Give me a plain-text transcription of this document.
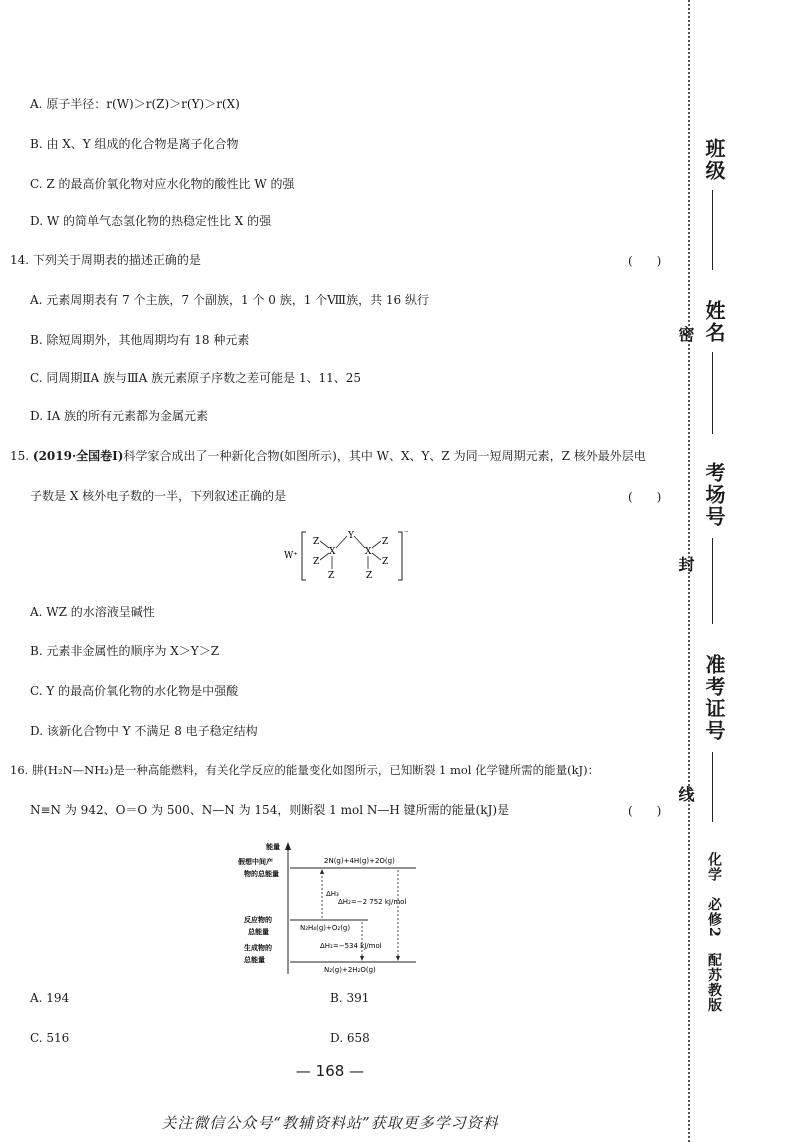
A. 原子半径：r(W)＞r(Z)＞r(Y)＞r(X)
B. 由 X、Y 组成的化合物是离子化合物
C. Z 的最高价氧化物对应水化物的酸性比 W 的强
D. W 的简单气态氢化物的热稳定性比 X 的强
14. 下列关于周期表的描述正确的是	(　　)
A. 元素周期表有 7 个主族，7 个副族，1 个 0 族，1 个Ⅷ族，共 16 纵行
B. 除短周期外，其他周期均有 18 种元素
C. 同周期ⅡA 族与ⅢA 族元素原子序数之差可能是 1、11、25
D. ⅠA 族的所有元素都为金属元素
15. (2019·全国卷Ⅰ)科学家合成出了一种新化合物(如图所示)，其中 W、X、Y、Z 为同一短周期元素，Z 核外最外层电
子数是 X 核外电子数的一半，下列叙述正确的是	(　　)
W⁺
⁻
Z
Z
X
Z
Y
X
Z
Z
Z
A. WZ 的水溶液呈碱性
B. 元素非金属性的顺序为 X＞Y＞Z
C. Y 的最高价氧化物的水化物是中强酸
D. 该新化合物中 Y 不满足 8 电子稳定结构
16. 肼(H₂N—NH₂)是一种高能燃料，有关化学反应的能量变化如图所示，已知断裂 1 mol 化学键所需的能量(kJ)：
N≡N 为 942、O＝O 为 500、N—N 为 154，则断裂 1 mol N—H 键所需的能量(kJ)是	(　　)
能量
假想中间产
物的总能量
2N(g)+4H(g)+2O(g)
反应物的
总能量	N₂H₄(g)+O₂(g)
生成物的
总能量
N₂(g)+2H₂O(g)
ΔH₃
ΔH₂=−2 752 kJ/mol
ΔH₁=−534 kJ/mol
A. 194	B. 391
C. 516	D. 658
— 168 —
关注微信公众号“教辅资料站”获取更多学习资料
班级
姓名
考场号
准考证号
密
封
线
化学　必修2　配苏教版
